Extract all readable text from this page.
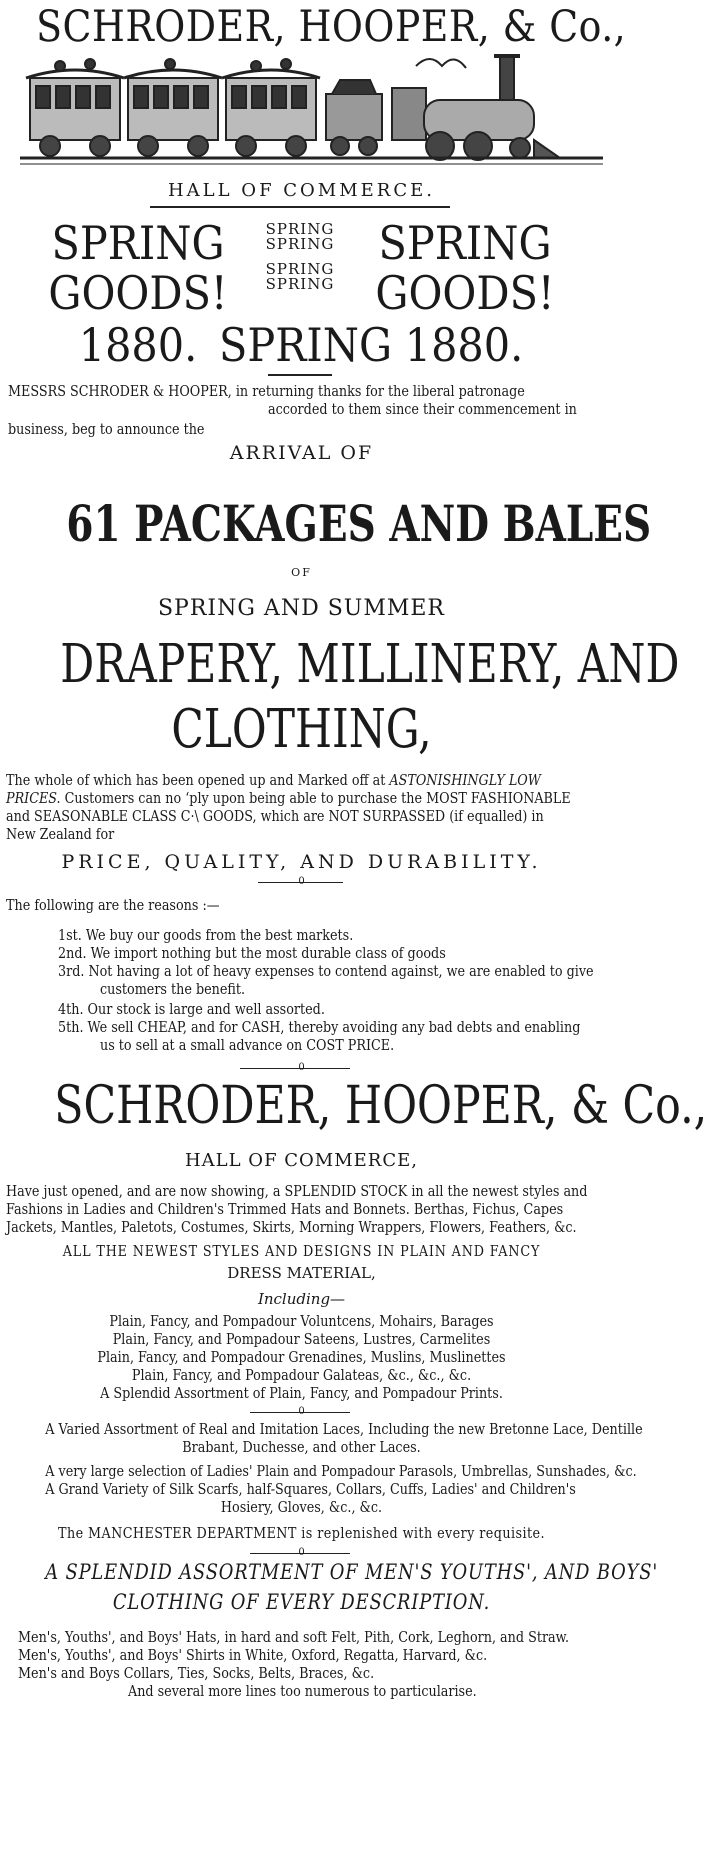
SCHRODER, HOOPER, & Co.,
HALL OF COMMERCE.
SPRING
GOODS!
SPRING
GOODS!
SPRING
SPRING
SPRING
SPRING
1880. SPRING 1880.
MESSRS SCHRODER & HOOPER, in returning thanks for the liberal patronage
accorded to them since their commencement in
business, beg to announce the
ARRIVAL OF
61 PACKAGES AND BALES
OF
SPRING AND SUMMER
DRAPERY, MILLINERY, AND
CLOTHING,
The whole of which has been opened up and Marked off at ASTONISHINGLY LOW
PRICES. Customers can no ‘ply upon being able to purchase the MOST FASHIONABLE
and SEASONABLE CLASS C·\ GOODS, which are NOT SURPASSED (if equalled) in
New Zealand for
PRICE, QUALITY, AND DURABILITY.
0
The following are the reasons :—
1st. We buy our goods from the best markets.
2nd. We import nothing but the most durable class of goods
3rd. Not having a lot of heavy expenses to contend against, we are enabled to give
customers the benefit.
4th. Our stock is large and well assorted.
5th. We sell CHEAP, and for CASH, thereby avoiding any bad debts and enabling
us to sell at a small advance on COST PRICE.
0
SCHRODER, HOOPER, & Co.,
HALL OF COMMERCE,
Have just opened, and are now showing, a SPLENDID STOCK in all the newest styles and
Fashions in Ladies and Children's Trimmed Hats and Bonnets. Berthas, Fichus, Capes
Jackets, Mantles, Paletots, Costumes, Skirts, Morning Wrappers, Flowers, Feathers, &c.
ALL THE NEWEST STYLES AND DESIGNS IN PLAIN AND FANCY
DRESS MATERIAL,
Including—
Plain, Fancy, and Pompadour Voluntcens, Mohairs, Barages
Plain, Fancy, and Pompadour Sateens, Lustres, Carmelites
Plain, Fancy, and Pompadour Grenadines, Muslins, Muslinettes
Plain, Fancy, and Pompadour Galateas, &c., &c., &c.
A Splendid Assortment of Plain, Fancy, and Pompadour Prints.
0
A Varied Assortment of Real and Imitation Laces, Including the new Bretonne Lace, Dentille
Brabant, Duchesse, and other Laces.
A very large selection of Ladies' Plain and Pompadour Parasols, Umbrellas, Sunshades, &c.
A Grand Variety of Silk Scarfs, half-Squares, Collars, Cuffs, Ladies' and Children's
Hosiery, Gloves, &c., &c.
The MANCHESTER DEPARTMENT is replenished with every requisite.
0
A SPLENDID ASSORTMENT OF MEN'S YOUTHS', AND BOYS'
CLOTHING OF EVERY DESCRIPTION.
Men's, Youths', and Boys' Hats, in hard and soft Felt, Pith, Cork, Leghorn, and Straw.
Men's, Youths', and Boys' Shirts in White, Oxford, Regatta, Harvard, &c.
Men's and Boys Collars, Ties, Socks, Belts, Braces, &c.
And several more lines too numerous to particularise.
